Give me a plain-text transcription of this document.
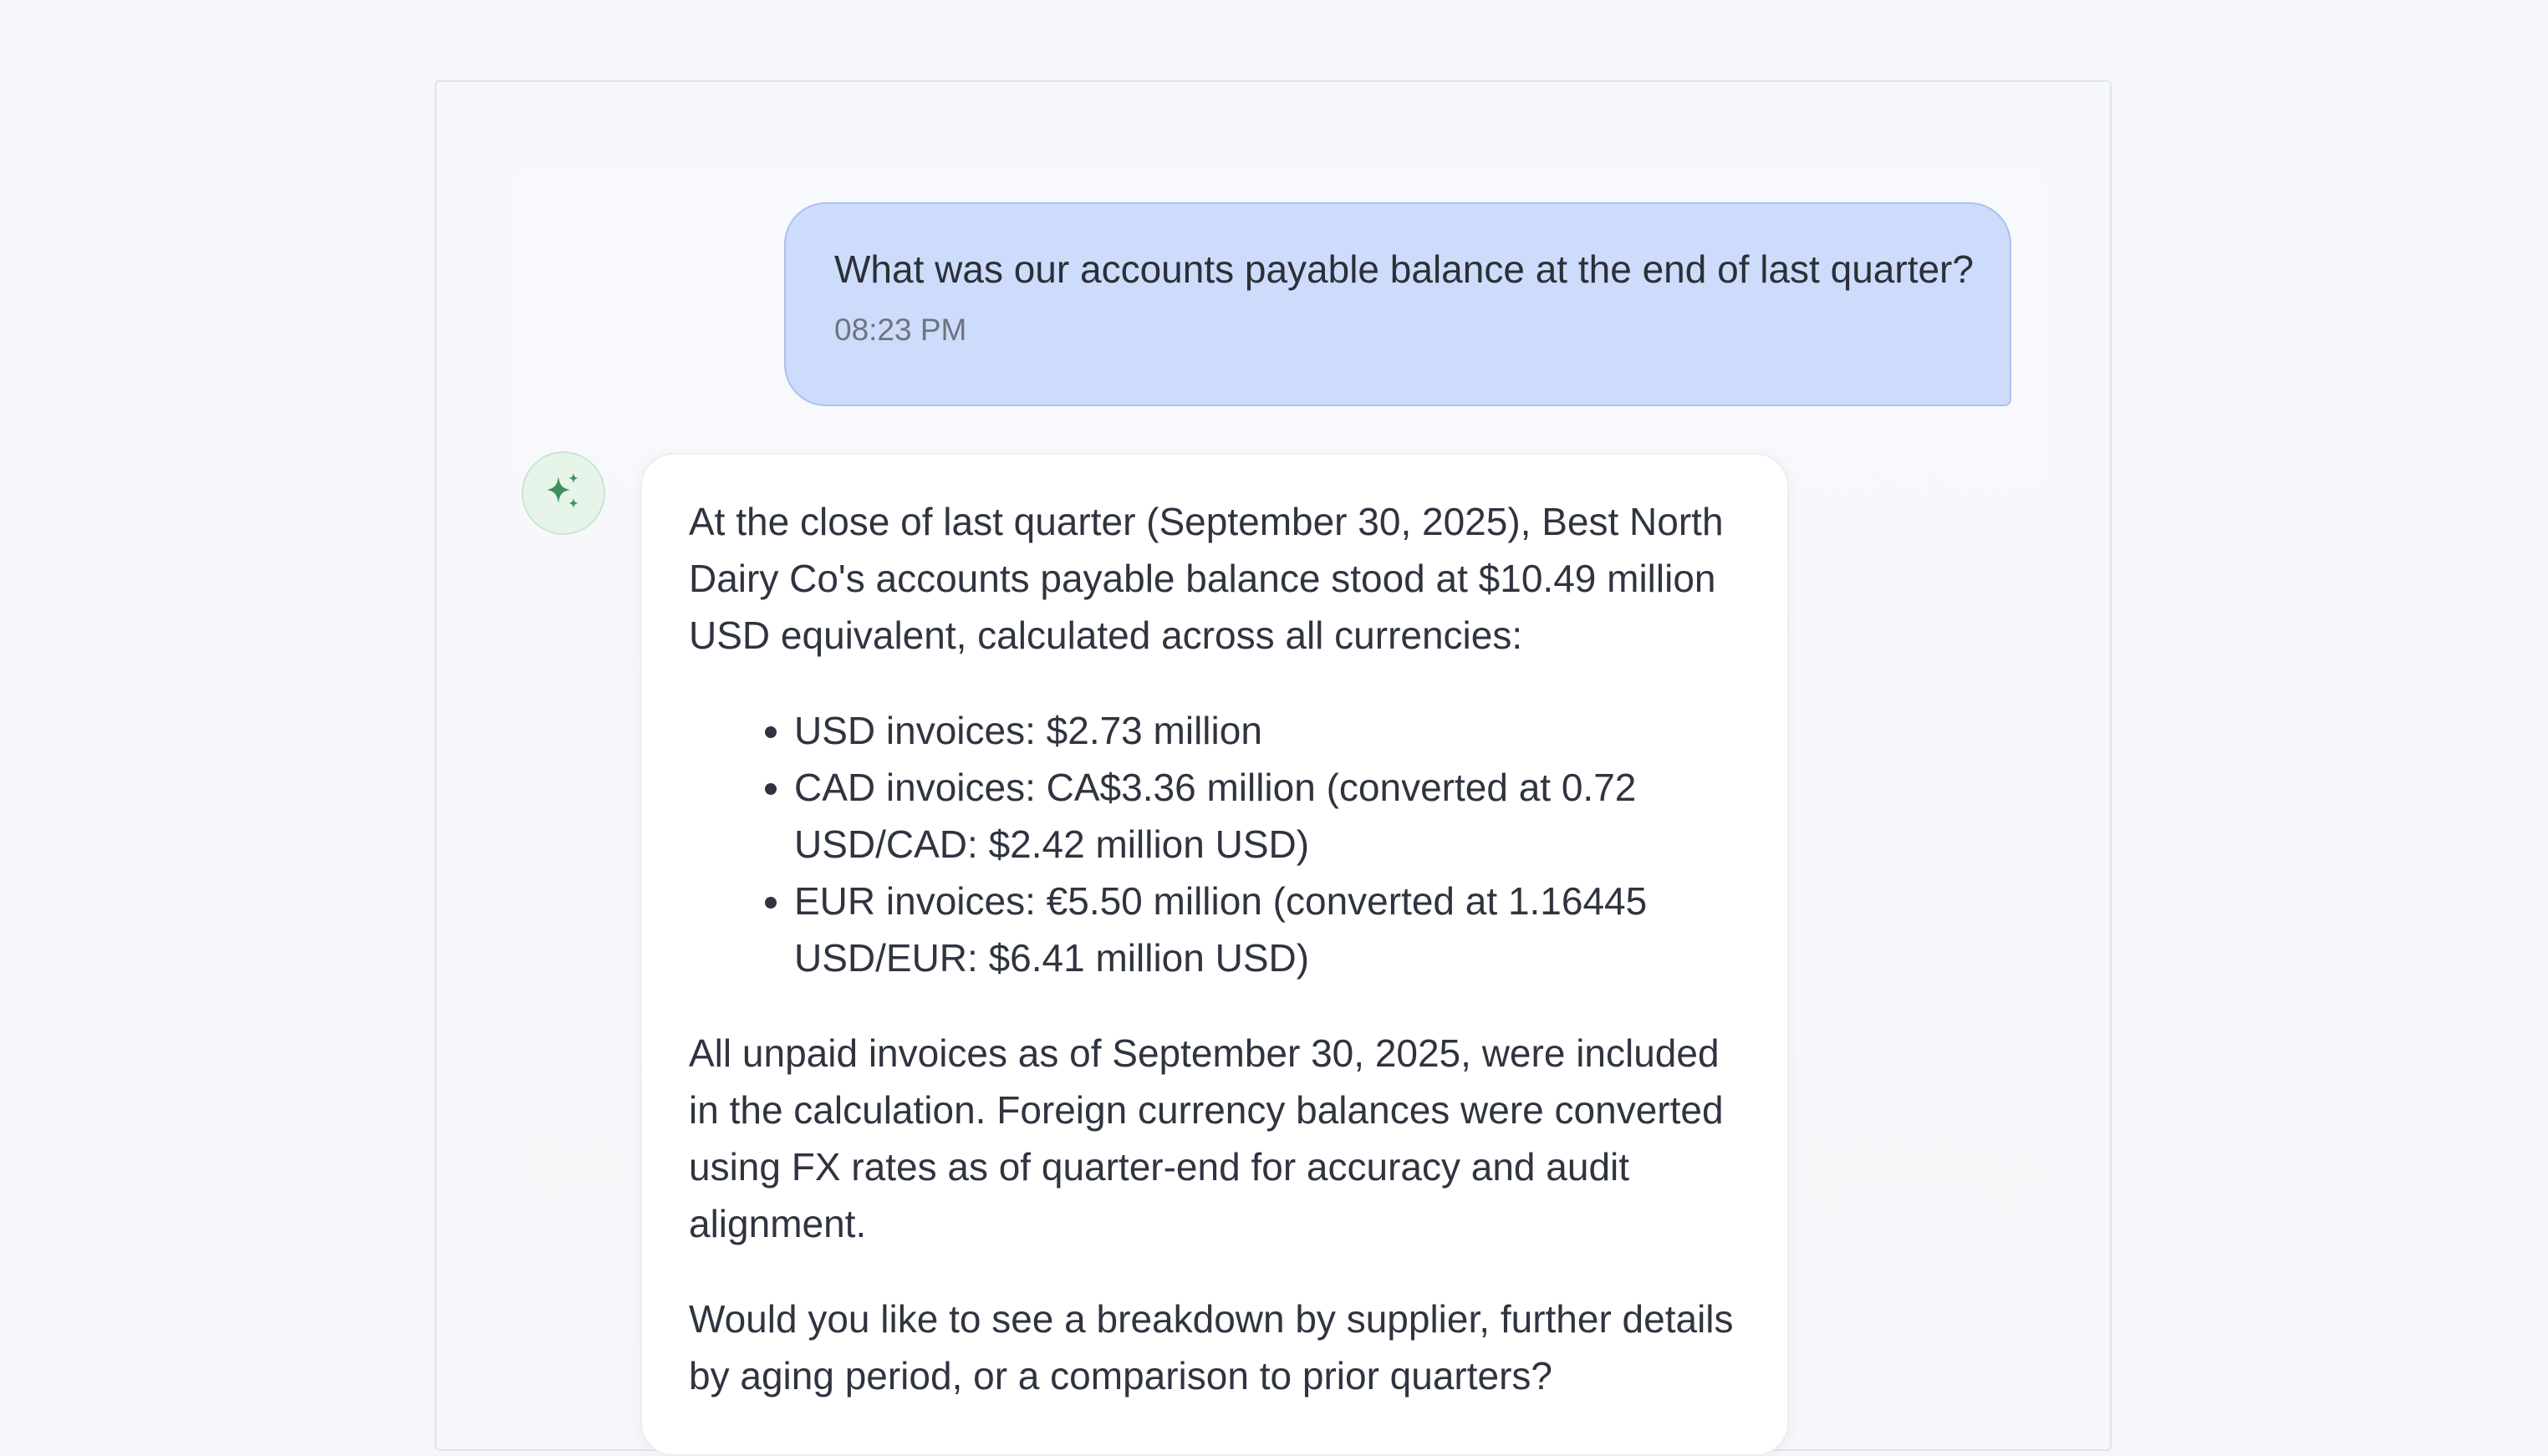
What was our accounts payable balance at the end of last quarter?
08:23 PM

At the close of last quarter (September 30, 2025), Best North Dairy Co's accounts payable balance stood at $10.49 million USD equivalent, calculated across all currencies:

• USD invoices: $2.73 million
• CAD invoices: CA$3.36 million (converted at 0.72 USD/CAD: $2.42 million USD)
• EUR invoices: €5.50 million (converted at 1.16445 USD/EUR: $6.41 million USD)

All unpaid invoices as of September 30, 2025, were included in the calculation. Foreign currency balances were converted using FX rates as of quarter-end for accuracy and audit alignment.

Would you like to see a breakdown by supplier, further details by aging period, or a comparison to prior quarters?
